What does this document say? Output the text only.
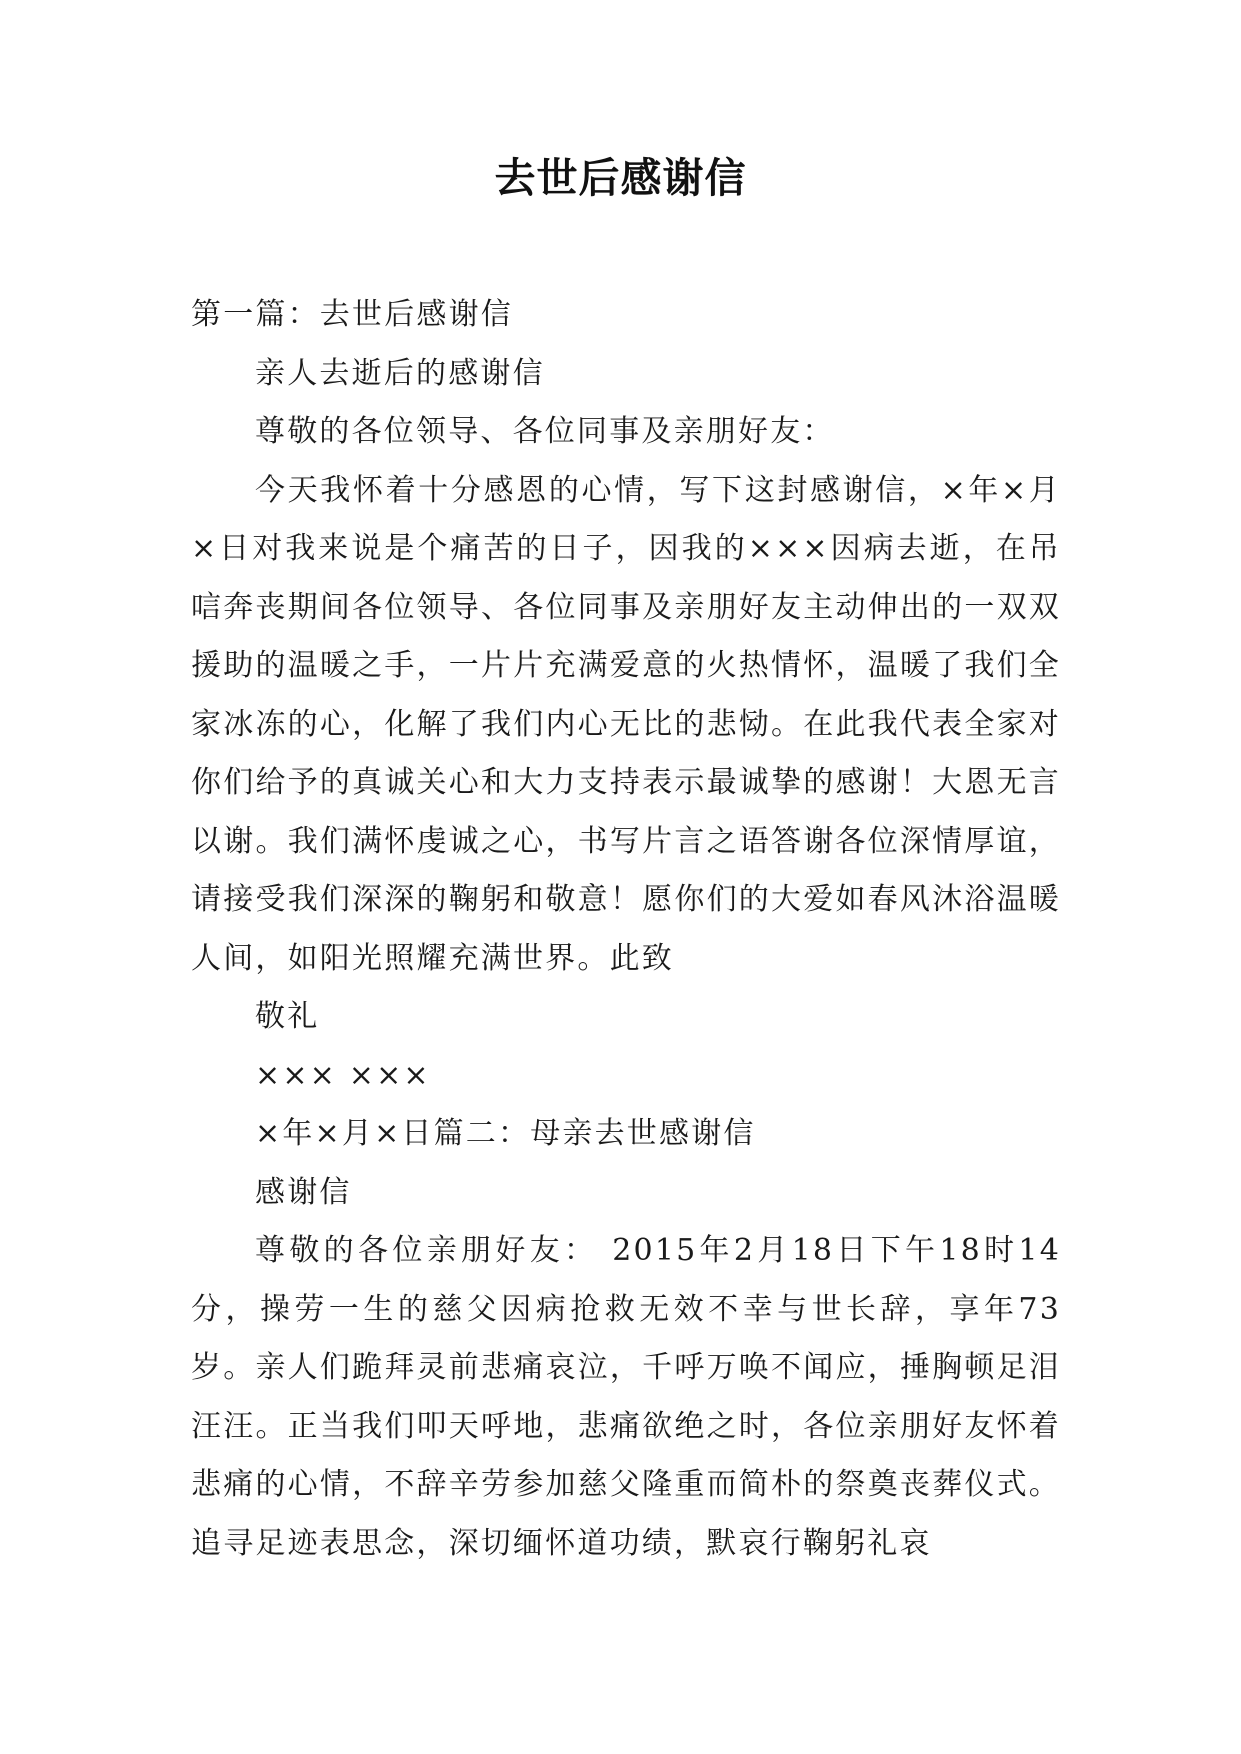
去世后感谢信

第一篇：去世后感谢信

亲人去逝后的感谢信

尊敬的各位领导、各位同事及亲朋好友：

今天我怀着十分感恩的心情，写下这封感谢信，×年×月×日对我来说是个痛苦的日子，因我的×××因病去逝，在吊唁奔丧期间各位领导、各位同事及亲朋好友主动伸出的一双双援助的温暖之手，一片片充满爱意的火热情怀，温暖了我们全家冰冻的心，化解了我们内心无比的悲恸。在此我代表全家对你们给予的真诚关心和大力支持表示最诚挚的感谢！大恩无言以谢。我们满怀虔诚之心，书写片言之语答谢各位深情厚谊，请接受我们深深的鞠躬和敬意！愿你们的大爱如春风沐浴温暖人间，如阳光照耀充满世界。此致

敬礼

××× ×××

×年×月×日篇二：母亲去世感谢信

感谢信

尊敬的各位亲朋好友： 2015年2月18日下午18时14分，操劳一生的慈父因病抢救无效不幸与世长辞，享年73岁。亲人们跪拜灵前悲痛哀泣，千呼万唤不闻应，捶胸顿足泪汪汪。正当我们叩天呼地，悲痛欲绝之时，各位亲朋好友怀着悲痛的心情，不辞辛劳参加慈父隆重而简朴的祭奠丧葬仪式。追寻足迹表思念，深切缅怀道功绩，默哀行鞠躬礼哀
